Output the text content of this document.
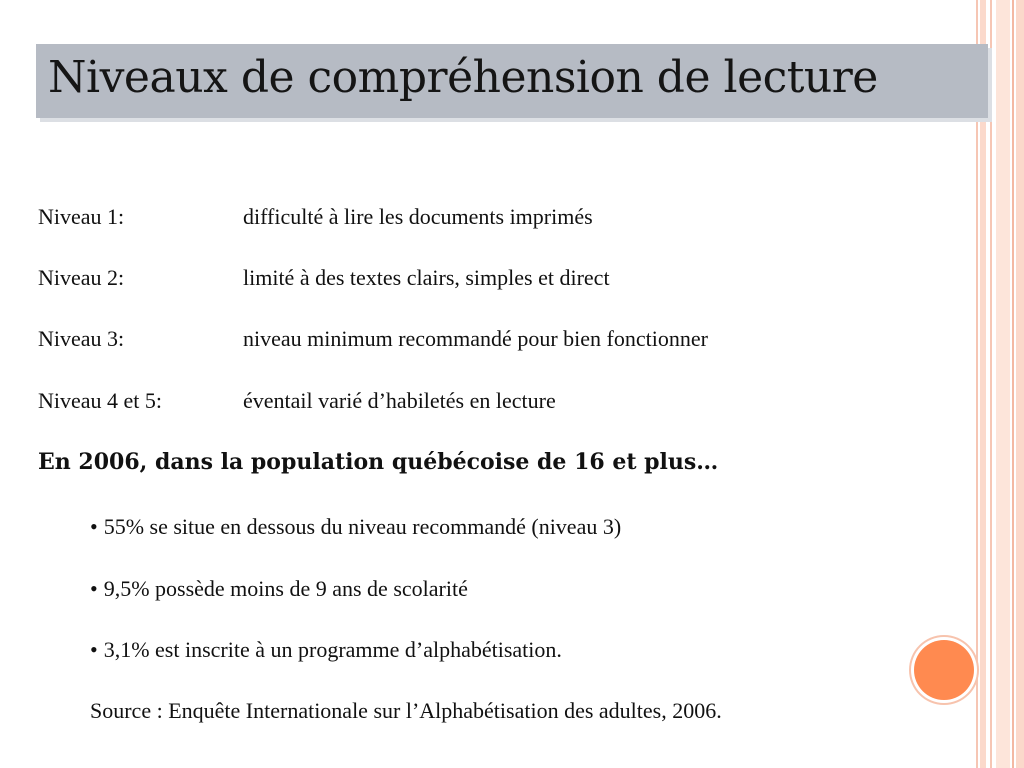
Niveaux de compréhension de lecture
Niveau 1:	difficulté à lire les documents imprimés
Niveau 2:	limité à des textes clairs, simples et direct
Niveau 3:	niveau minimum recommandé pour bien fonctionner
Niveau 4 et 5:	éventail varié d’habiletés en lecture
En 2006, dans la population québécoise de 16 et plus…
• 55% se situe en dessous du niveau recommandé (niveau 3)
• 9,5% possède moins de 9 ans de scolarité
• 3,1% est inscrite à un programme d’alphabétisation.
Source : Enquête Internationale sur l’Alphabétisation des adultes, 2006.
